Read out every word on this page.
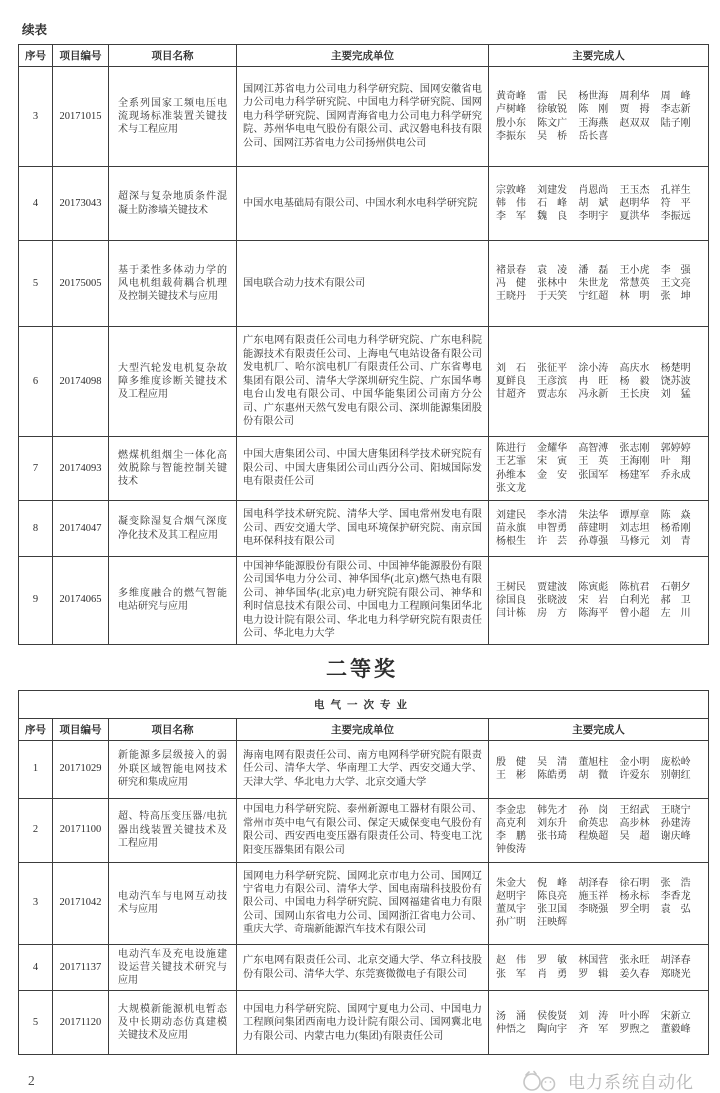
续表
序号	项目编号	项目名称	主要完成单位	主要完成人
3	20171015	全系列国家工频电压电流现场标准装置关键技术与工程应用	国网江苏省电力公司电力科学研究院、国网安徽省电力公司电力科学研究院、中国电力科学研究院、国网电力科学研究院、国网青海省电力公司电力科学研究院、苏州华电电气股份有限公司、武汉磐电科技有限公司、国网江苏省电力公司扬州供电公司	黄奇峰 雷 民 杨世海 周利华 周 峰卢树峰 徐敏锐 陈 刚 贾 拇 李志新殷小东 陈文广 王海燕 赵双双 陆子刚李振东 吴 桥 岳长喜
4	20173043	超深与复杂地质条件混凝土防渗墙关键技术	中国水电基础局有限公司、中国水利水电科学研究院	宗敦峰 刘建发 肖恩尚 王玉杰 孔祥生韩 伟 石 峰 胡 斌 赵明华 符 平李 军 魏 良 李明宇 夏洪华 李振远
5	20175005	基于柔性多体动力学的风电机组载荷耦合机理及控制关键技术与应用	国电联合动力技术有限公司	褚景春 袁 凌 潘 磊 王小虎 李 强冯 健 张林中 朱世龙 常慧英 王文亮王晓丹 于天笑 宁红超 林 明 张 坤
6	20174098	大型汽轮发电机复杂故障多维度诊断关键技术及工程应用	广东电网有限责任公司电力科学研究院、广东电科院能源技术有限责任公司、上海电气电站设备有限公司发电机厂、哈尔滨电机厂有限责任公司、广东省粤电集团有限公司、清华大学深圳研究生院、广东国华粤电台山发电有限公司、中国华能集团公司南方分公司、广东惠州天然气发电有限公司、深圳能源集团股份有限公司	刘 石 张征平 涂小涛 高庆水 杨楚明夏鲜良 王彦滨 冉 旺 杨 毅 饶苏波甘超齐 贾志东 冯永新 王长庚 刘 猛
7	20174093	燃煤机组烟尘一体化高效脱除与智能控制关键技术	中国大唐集团公司、中国大唐集团科学技术研究院有限公司、中国大唐集团公司山西分公司、阳城国际发电有限责任公司	陈进行 金耀华 高智溥 张志刚 郭婷婷王艺霏 宋 寅 王 英 王海刚 叶 翔孙维本 金 安 张国军 杨建军 乔永成张文龙
8	20174047	凝变除湿复合烟气深度净化技术及其工程应用	国电科学技术研究院、清华大学、国电常州发电有限公司、西安交通大学、国电环境保护研究院、南京国电环保科技有限公司	刘建民 李水清 朱法华 谭厚章 陈 焱苗永旗 申智勇 薛建明 刘志坦 杨希刚杨根生 许 芸 孙尊强 马修元 刘 青
9	20174065	多维度融合的燃气智能电站研究与应用	中国神华能源股份有限公司、中国神华能源股份有限公司国华电力分公司、神华国华(北京)燃气热电有限公司、神华国华(北京)电力研究院有限公司、神华和利时信息技术有限公司、中国电力工程顾问集团华北电力设计院有限公司、华北电力科学研究院有限责任公司、华北电力大学	王树民 贾建波 陈寅彪 陈杭君 石朝夕徐国良 张晓波 宋 岩 白利光 郝 卫闫计栋 房 方 陈海平 曾小超 左 川
二等奖
电气一次专业				
序号	项目编号	项目名称	主要完成单位	主要完成人
1	20171029	新能源多层级接入的弱外联区域智能电网技术研究和集成应用	海南电网有限责任公司、南方电网科学研究院有限责任公司、清华大学、华南理工大学、西安交通大学、天津大学、华北电力大学、北京交通大学	殷 健 吴 清 董旭柱 金小明 庞松岭王 彬 陈皓勇 胡 微 许爱东 别朝红
2	20171100	超、特高压变压器/电抗器出线装置关键技术及工程应用	中国电力科学研究院、泰州新源电工器材有限公司、常州市英中电气有限公司、保定天威保变电气股份有限公司、西安西电变压器有限责任公司、特变电工沈阳变压器集团有限公司	李金忠 韩先才 孙 岗 王绍武 王晓宁高克利 刘东升 俞英忠 高步林 孙建涛李 鹏 张书琦 程焕超 吴 超 谢庆峰钟俊涛
3	20171042	电动汽车与电网互动技术与应用	国网电力科学研究院、国网北京市电力公司、国网辽宁省电力有限公司、清华大学、国电南瑞科技股份有限公司、中国电力科学研究院、国网福建省电力有限公司、国网山东省电力公司、国网浙江省电力公司、重庆大学、奇瑞新能源汽车技术有限公司	朱金大 倪 峰 胡泽春 徐石明 张 浩赵明宇 陈良亮 施玉祥 杨永标 李香龙董凤宇 张卫国 李晓强 罗全明 袁 弘孙广明 汪映辉
4	20171137	电动汽车及充电设施建设运营关键技术研究与应用	广东电网有限责任公司、北京交通大学、华立科技股份有限公司、清华大学、东莞赛微微电子有限公司	赵 伟 罗 敏 林国营 张永旺 胡泽春张 军 肖 勇 罗 辑 姜久春 郑晓光
5	20171120	大规模新能源机电暂态及中长期动态仿真建模关键技术及应用	中国电力科学研究院、国网宁夏电力公司、中国电力工程顾问集团西南电力设计院有限公司、国网冀北电力有限公司、内蒙古电力(集团)有限责任公司	汤 涌 侯俊贤 刘 涛 叶小晖 宋新立仲悟之 陶向宇 齐 军 罗煦之 董毅峰
2	电力系统自动化
